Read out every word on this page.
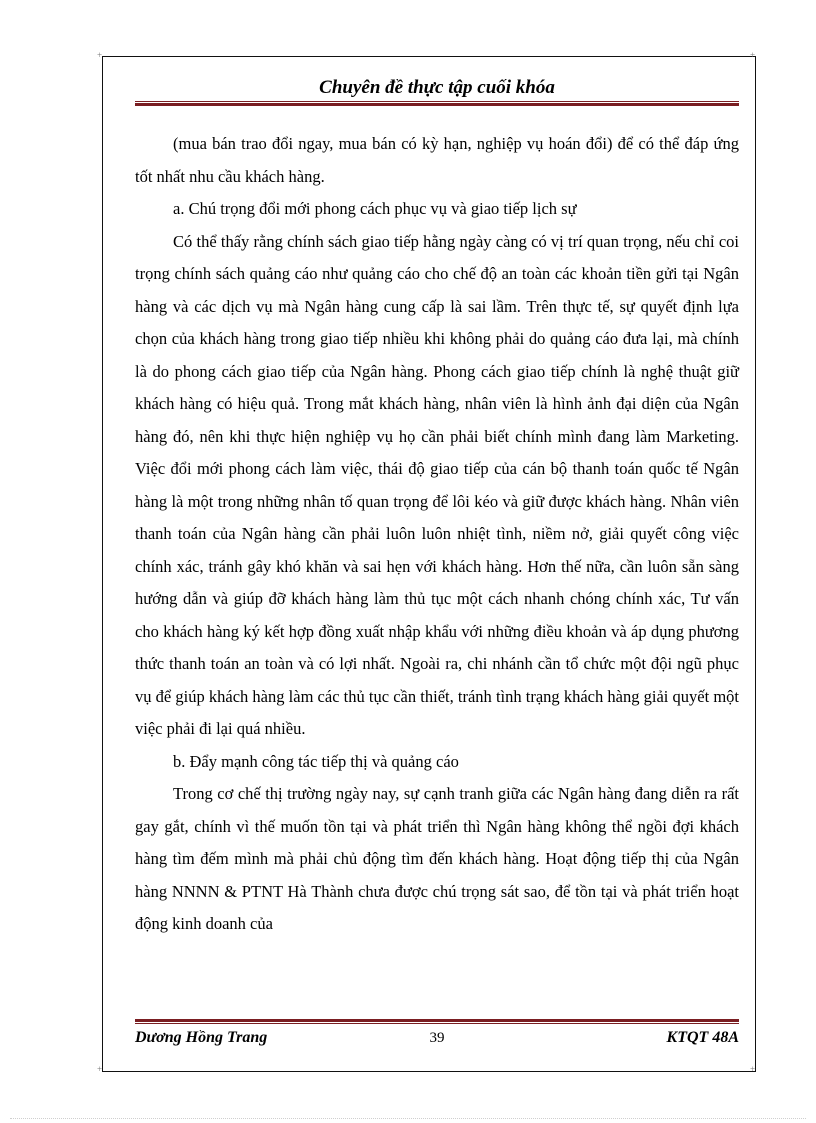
+	+
+	+
Chuyên đề thực tập cuối khóa

(mua bán trao đổi ngay, mua bán có kỳ hạn, nghiệp vụ hoán đổi) để có thể đáp ứng tốt nhất nhu cầu khách hàng.

a. Chú trọng đổi mới phong cách phục vụ và giao tiếp lịch sự

Có thể thấy rằng chính sách giao tiếp hằng ngày càng có vị trí quan trọng, nếu chỉ coi trọng chính sách quảng cáo như quảng cáo cho chế độ an toàn các khoản tiền gửi tại Ngân hàng và các dịch vụ mà Ngân hàng cung cấp là sai lầm. Trên thực tế, sự quyết định lựa chọn của khách hàng trong giao tiếp nhiều khi không phải do quảng cáo đưa lại, mà chính là do phong cách giao tiếp của Ngân hàng. Phong cách giao tiếp chính là nghệ thuật giữ khách hàng có hiệu quả. Trong mắt khách hàng, nhân viên là hình ảnh đại diện của Ngân hàng đó, nên khi thực hiện nghiệp vụ họ cần phải biết chính mình đang làm Marketing. Việc đổi mới phong cách làm việc, thái độ giao tiếp của cán bộ thanh toán quốc tế Ngân hàng là một trong những nhân tố quan trọng để lôi kéo và giữ được khách hàng. Nhân viên thanh toán của Ngân hàng cần phải luôn luôn nhiệt tình, niềm nở, giải quyết công việc chính xác, tránh gây khó khăn và sai hẹn với khách hàng. Hơn thế nữa, cần luôn sẵn sàng hướng dẫn và giúp đỡ khách hàng làm thủ tục một cách nhanh chóng chính xác, Tư vấn cho khách hàng ký kết hợp đồng xuất nhập khẩu với những điều khoản và áp dụng phương thức thanh toán an toàn và có lợi nhất. Ngoài ra, chi nhánh cần tổ chức một đội ngũ phục vụ để giúp khách hàng làm các thủ tục cần thiết, tránh tình trạng khách hàng giải quyết một việc phải đi lại quá nhiều.

b. Đẩy mạnh công tác tiếp thị và quảng cáo

Trong cơ chế thị trường ngày nay, sự cạnh tranh giữa các Ngân hàng đang diễn ra rất gay gắt, chính vì thế muốn tồn tại và phát triển thì Ngân hàng không thể ngồi đợi khách hàng tìm đếm mình mà phải chủ động tìm đến khách hàng. Hoạt động tiếp thị của Ngân hàng NNNN & PTNT Hà Thành chưa được chú trọng sát sao, để tồn tại và phát triển hoạt động kinh doanh của

Dương Hồng Trang	39	KTQT 48A
